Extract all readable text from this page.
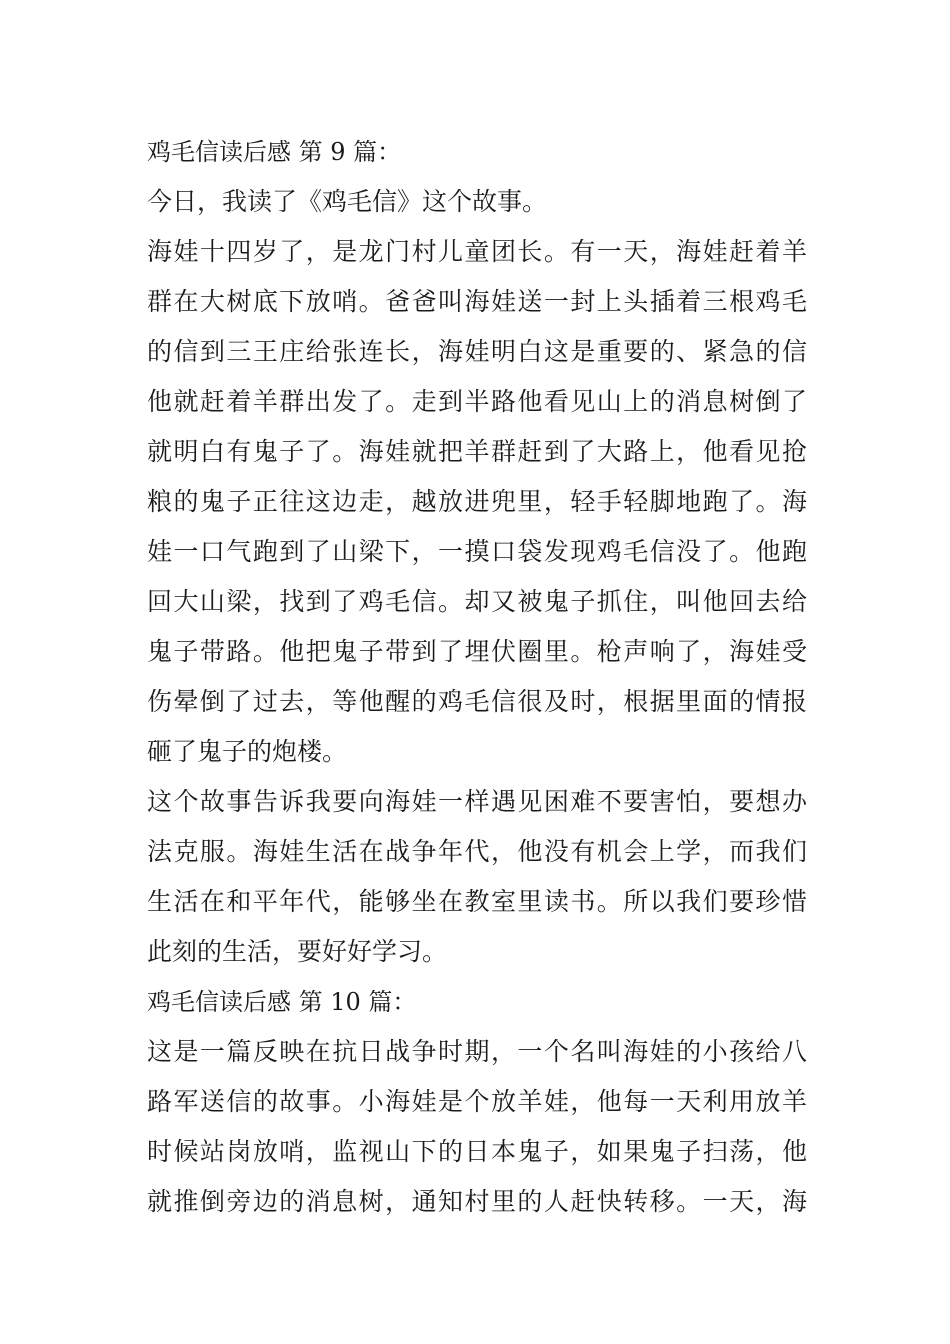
鸡毛信读后感 第 9 篇：
今日，我读了《鸡毛信》这个故事。
海娃十四岁了，是龙门村儿童团长。有一天，海娃赶着羊
群在大树底下放哨。爸爸叫海娃送一封上头插着三根鸡毛
的信到三王庄给张连长，海娃明白这是重要的、紧急的信
他就赶着羊群出发了。走到半路他看见山上的消息树倒了
就明白有鬼子了。海娃就把羊群赶到了大路上，他看见抢
粮的鬼子正往这边走，越放进兜里，轻手轻脚地跑了。海
娃一口气跑到了山梁下，一摸口袋发现鸡毛信没了。他跑
回大山梁，找到了鸡毛信。却又被鬼子抓住，叫他回去给
鬼子带路。他把鬼子带到了埋伏圈里。枪声响了，海娃受
伤晕倒了过去，等他醒的鸡毛信很及时，根据里面的情报
砸了鬼子的炮楼。
这个故事告诉我要向海娃一样遇见困难不要害怕，要想办
法克服。海娃生活在战争年代，他没有机会上学，而我们
生活在和平年代，能够坐在教室里读书。所以我们要珍惜
此刻的生活，要好好学习。
鸡毛信读后感 第 10 篇：
这是一篇反映在抗日战争时期，一个名叫海娃的小孩给八
路军送信的故事。小海娃是个放羊娃，他每一天利用放羊
时候站岗放哨，监视山下的日本鬼子，如果鬼子扫荡，他
就推倒旁边的消息树，通知村里的人赶快转移。一天，海
